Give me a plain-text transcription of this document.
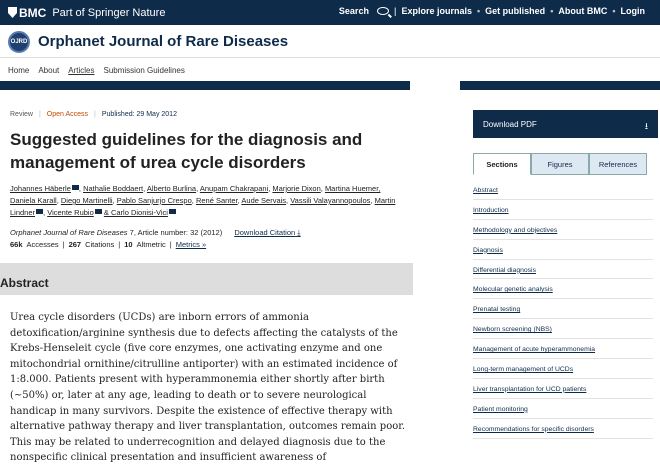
BMC Part of Springer Nature	Search	| Explore journals • Get published • About BMC • Login
OJRD Orphanet Journal of Rare Diseases
Home About Articles Submission Guidelines
Review | Open Access | Published: 29 May 2012
Suggested guidelines for the diagnosis and management of urea cycle disorders
Johannes Häberle , Nathalie Boddaert, Alberto Burlina, Anupam Chakrapani, Marjorie Dixon, Martina Huemer,
Daniela Karall, Diego Martinelli, Pablo Sanjurjo Crespo, René Santer, Aude Servais, Vassili Valayannopoulos, Martin
Lindner , Vicente Rubio & Carlo Dionisi-Vici
Orphanet Journal of Rare Diseases 7, Article number: 32 (2012) Download Citation ⤓
66k Accesses | 267 Citations | 10 Altmetric | Metrics »
Abstract

Urea cycle disorders (UCDs) are inborn errors of ammonia detoxification/arginine synthesis due to defects affecting the catalysts of the Krebs-Henseleit cycle (five core enzymes, one activating enzyme and one mitochondrial ornithine/citrulline antiporter) with an estimated incidence of 1:8.000. Patients present with hyperammonemia either shortly after birth (~50%) or, later at any age, leading to death or to severe neurological handicap in many survivors. Despite the existence of effective therapy with alternative pathway therapy and liver transplantation, outcomes remain poor. This may be related to underrecognition and delayed diagnosis due to the nonspecific clinical presentation and insufficient awareness of

Download PDF	⭳
Sections	Figures	References
Abstract
Introduction
Methodology and objectives
Diagnosis
Differential diagnosis
Molecular genetic analysis
Prenatal testing
Newborn screening (NBS)
Management of acute hyperammonemia
Long-term management of UCDs
Liver transplantation for UCD patients
Patient monitoring
Recommendations for specific disorders
